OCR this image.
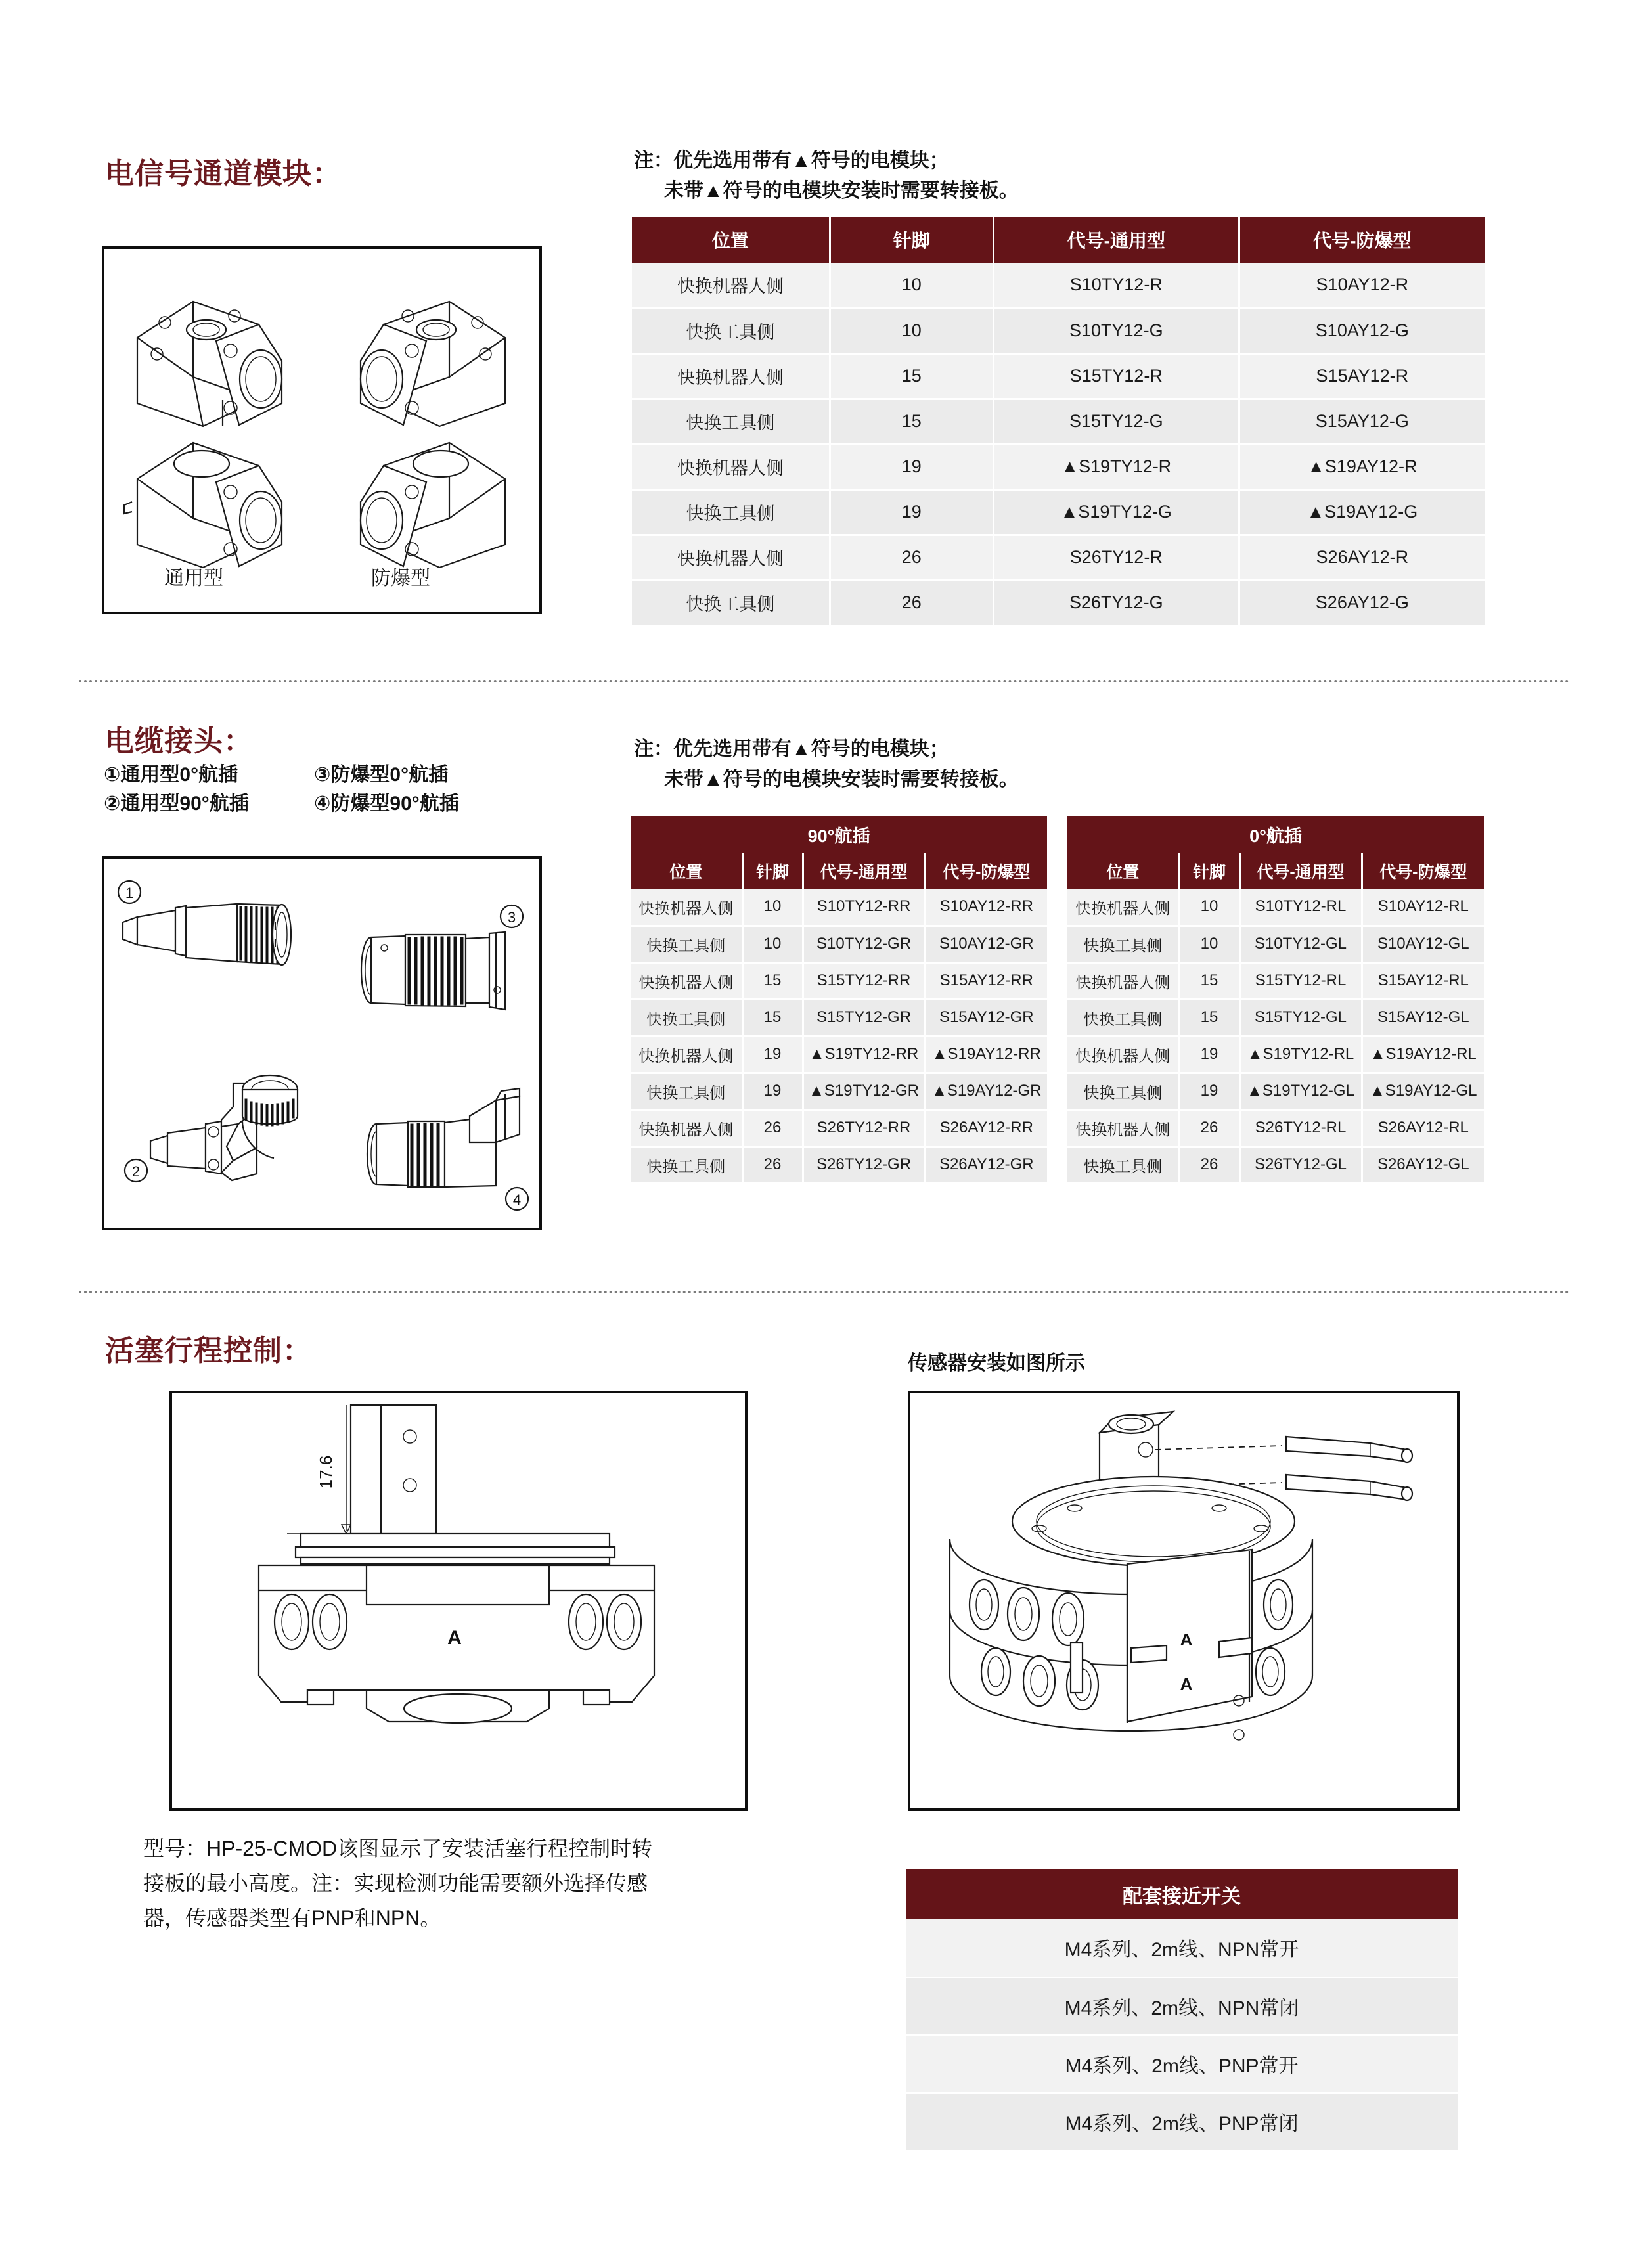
电信号通道模块：	注：优先选用带有▲符号的电模块；
未带▲符号的电模块安装时需要转接板。
通用型	防爆型
位置	针脚	代号-通用型	代号-防爆型
快换机器人侧	10	S10TY12-R	S10AY12-R
快换工具侧	10	S10TY12-G	S10AY12-G
快换机器人侧	15	S15TY12-R	S15AY12-R
快换工具侧	15	S15TY12-G	S15AY12-G
快换机器人侧	19	▲S19TY12-R	▲S19AY12-R
快换工具侧	19	▲S19TY12-G	▲S19AY12-G
快换机器人侧	26	S26TY12-R	S26AY12-R
快换工具侧	26	S26TY12-G	S26AY12-G
电缆接头：	注：优先选用带有▲符号的电模块；
未带▲符号的电模块安装时需要转接板。
①通用型0°航插
②通用型90°航插
③防爆型0°航插
④防爆型90°航插
1
2
3
4
90°航插			
位置	针脚	代号-通用型	代号-防爆型
快换机器人侧	10	S10TY12-RR	S10AY12-RR
快换工具侧	10	S10TY12-GR	S10AY12-GR
快换机器人侧	15	S15TY12-RR	S15AY12-RR
快换工具侧	15	S15TY12-GR	S15AY12-GR
快换机器人侧	19	▲S19TY12-RR	▲S19AY12-RR
快换工具侧	19	▲S19TY12-GR	▲S19AY12-GR
快换机器人侧	26	S26TY12-RR	S26AY12-RR
快换工具侧	26	S26TY12-GR	S26AY12-GR
0°航插			
位置	针脚	代号-通用型	代号-防爆型
快换机器人侧	10	S10TY12-RL	S10AY12-RL
快换工具侧	10	S10TY12-GL	S10AY12-GL
快换机器人侧	15	S15TY12-RL	S15AY12-RL
快换工具侧	15	S15TY12-GL	S15AY12-GL
快换机器人侧	19	▲S19TY12-RL	▲S19AY12-RL
快换工具侧	19	▲S19TY12-GL	▲S19AY12-GL
快换机器人侧	26	S26TY12-RL	S26AY12-RL
快换工具侧	26	S26TY12-GL	S26AY12-GL
活塞行程控制：	传感器安装如图所示
17.6
A	A
A
型号：HP-25-CMOD该图显示了安装活塞行程控制时转接板的最小高度。注：实现检测功能需要额外选择传感器，传感器类型有PNP和NPN。
配套接近开关
M4系列、2m线、NPN常开
M4系列、2m线、NPN常闭
M4系列、2m线、PNP常开
M4系列、2m线、PNP常闭
